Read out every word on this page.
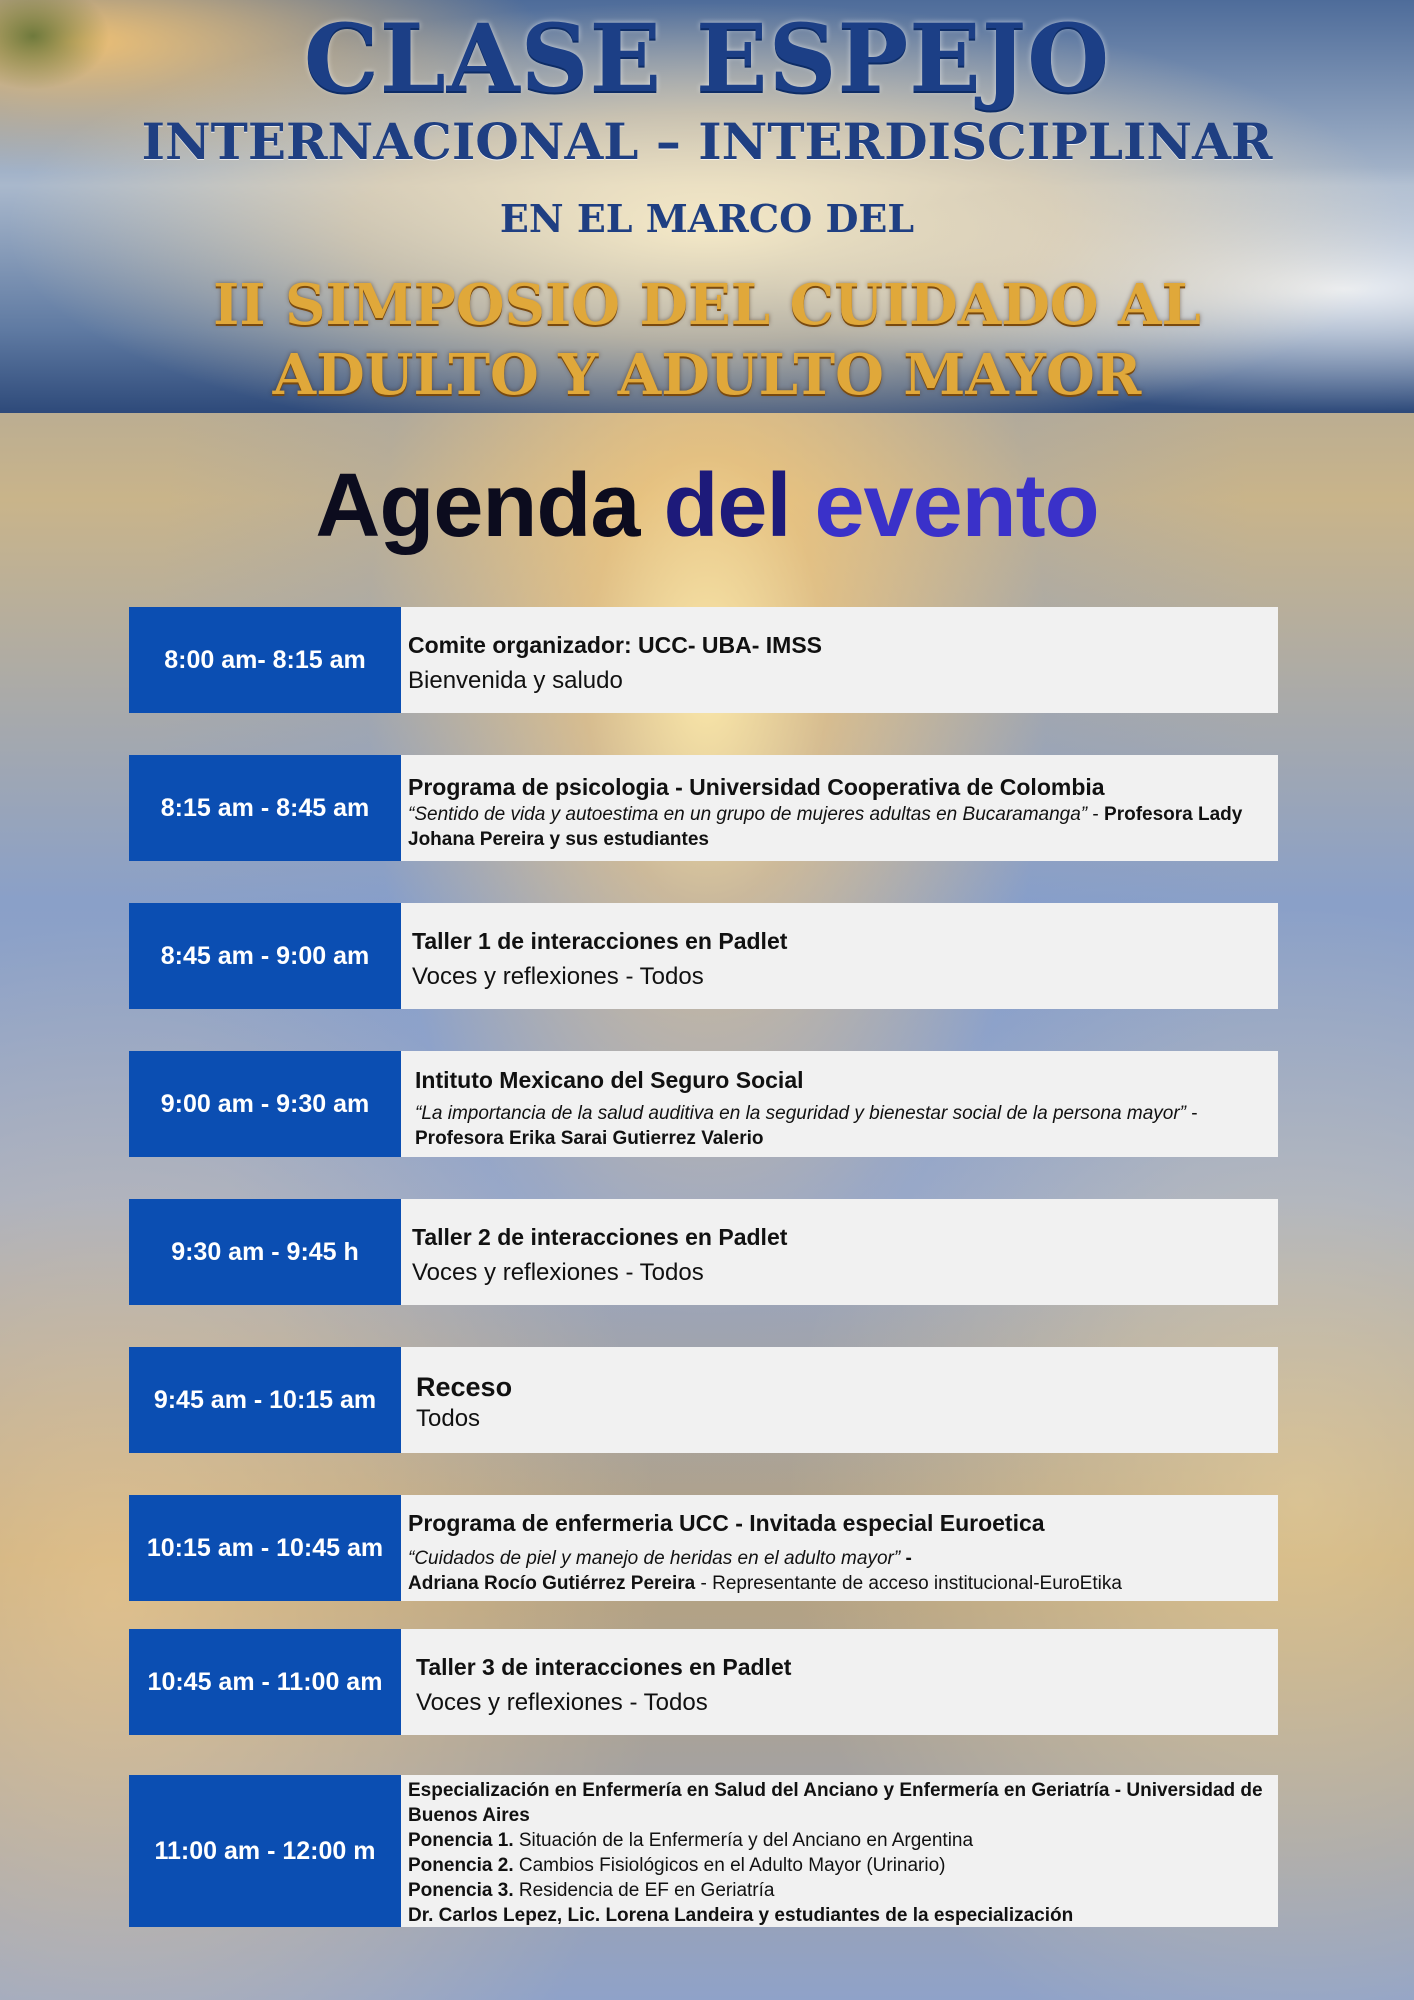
CLASE ESPEJO
INTERNACIONAL – INTERDISCIPLINAR
EN EL MARCO DEL
II SIMPOSIO DEL CUIDADO AL
ADULTO Y ADULTO MAYOR
Agenda del evento
8:00 am- 8:15 am
Comite organizador: UCC- UBA- IMSS
Bienvenida y saludo
8:15 am - 8:45 am
Programa de psicologia - Universidad Cooperativa de Colombia
“Sentido de vida y autoestima en un grupo de mujeres adultas en Bucaramanga” - Profesora Lady Johana Pereira y sus estudiantes
8:45 am - 9:00 am
Taller 1 de interacciones en Padlet
Voces y reflexiones - Todos
9:00 am - 9:30 am
Intituto Mexicano del Seguro Social
“La importancia de la salud auditiva en la seguridad y bienestar social de la persona mayor” - Profesora Erika Sarai Gutierrez Valerio
9:30 am - 9:45 h
Taller 2 de interacciones en Padlet
Voces y reflexiones - Todos
9:45 am - 10:15 am	Receso
Todos
10:15 am - 10:45 am
Programa de enfermeria UCC - Invitada especial Euroetica
“Cuidados de piel y manejo de heridas en el adulto mayor” -
Adriana Rocío Gutiérrez Pereira - Representante de acceso institucional-EuroEtika
10:45 am - 11:00 am
Taller 3 de interacciones en Padlet
Voces y reflexiones - Todos
11:00 am - 12:00 m
Especialización en Enfermería en Salud del Anciano y Enfermería en Geriatría - Universidad de Buenos Aires
Ponencia 1. Situación de la Enfermería y del Anciano en Argentina
Ponencia 2. Cambios Fisiológicos en el Adulto Mayor (Urinario)
Ponencia 3. Residencia de EF en Geriatría
Dr. Carlos Lepez, Lic. Lorena Landeira y estudiantes de la especialización
